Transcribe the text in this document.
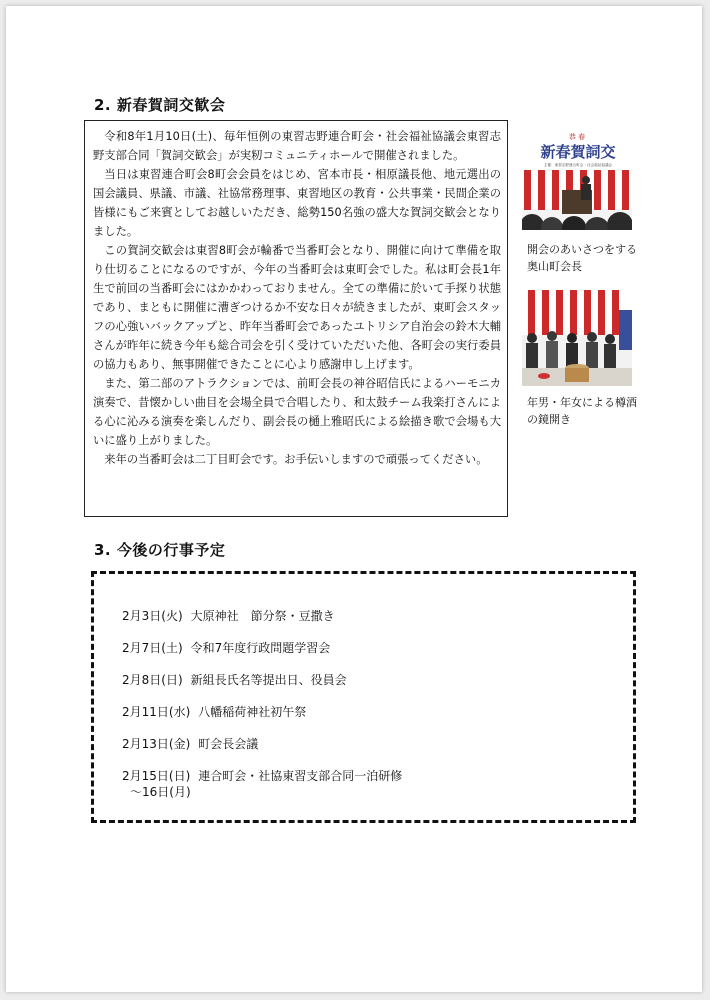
2. 新春賀詞交歓会

令和8年1月10日(土)、毎年恒例の東習志野連合町会・社会福祉協議会東習志野支部合同「賀詞交歓会」が実籾コミュニティホールで開催されました。

当日は東習連合町会8町会会員をはじめ、宮本市長・相原議長他、地元選出の国会議員、県議、市議、社協常務理事、東習地区の教育・公共事業・民間企業の皆様にもご来賓としてお越しいただき、総勢150名強の盛大な賀詞交歓会となりました。

この賀詞交歓会は東習8町会が輪番で当番町会となり、開催に向けて準備を取り仕切ることになるのですが、今年の当番町会は東町会でした。私は町会長1年生で前回の当番町会にはかかわっておりません。全ての準備に於いて手探り状態であり、まともに開催に漕ぎつけるか不安な日々が続きましたが、東町会スタッフの心強いバックアップと、昨年当番町会であったユトリシア自治会の鈴木大輔さんが昨年に続き今年も総合司会を引く受けていただいた他、各町会の実行委員の協力もあり、無事開催できたことに心より感謝申し上げます。

また、第二部のアトラクションでは、前町会長の神谷昭信氏によるハーモニカ演奏で、昔懐かしい曲目を会場全員で合唱したり、和太鼓チーム我楽打さんによる心に沁みる演奏を楽しんだり、副会長の樋上雅昭氏による絵描き歌で会場も大いに盛り上がりました。

来年の当番町会は二丁目町会です。お手伝いしますので頑張ってください。

恭 春
新春賀詞交
主催：東習志野連合町会・社会福祉協議会
開会のあいさつをする奥山町会長
年男・年女による樽酒の鏡開き
3. 今後の行事予定
2月3日(火) 大原神社　節分祭・豆撒き
2月7日(土) 令和7年度行政問題学習会
2月8日(日) 新組長氏名等提出日、役員会
2月11日(水) 八幡稲荷神社初午祭
2月13日(金) 町会長会議
2月15日(日) 連合町会・社協東習支部合同一泊研修
～16日(月)
